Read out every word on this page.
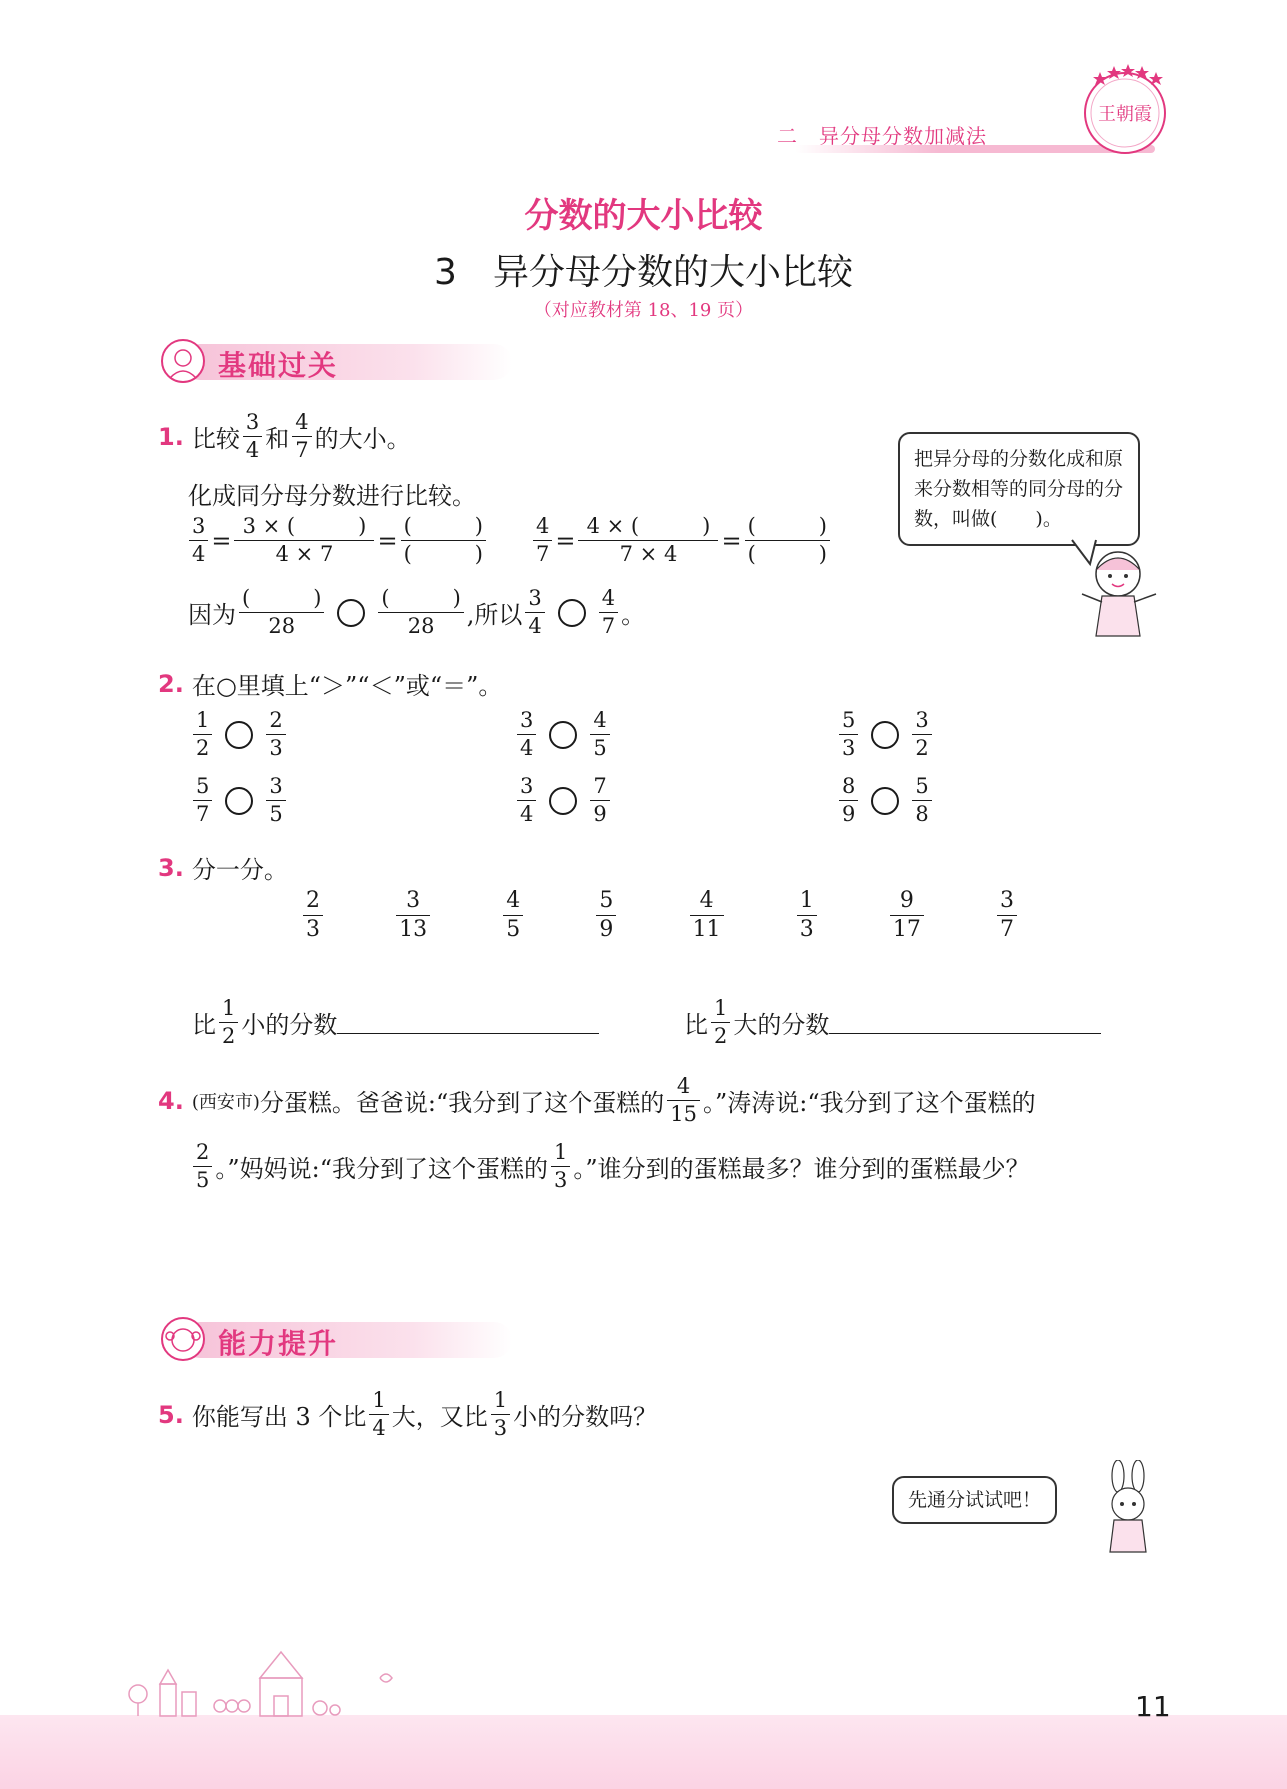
二　异分母分数加减法
王朝霞
分数的大小比较
3　异分母分数的大小比较
（对应教材第 18、19 页）
基础过关
1. 比较 $\frac{3}{4}$ 和 $\frac{4}{7}$ 的大小。
化成同分母分数进行比较。
$\frac{3}{4} = \frac{3 \times ( )}{4 \times 7} = \frac{( )}{( )} \frac{4}{7} = \frac{4 \times ( )}{7 \times 4} = \frac{( )}{( )}$
因为 $\frac{( )}{28}$	$\frac{( )}{28}$ ,所以 $\frac{3}{4}$	$\frac{4}{7}$ 。
把异分母的分数化成和原来分数相等的同分母的分数，叫做(　　)。
2. 在○里填上“＞”“＜”或“＝”。
$\frac{1}{2}$	$\frac{2}{3}$	$\frac{3}{4}$	$\frac{4}{5}$	$\frac{5}{3}$	$\frac{3}{2}$
$\frac{5}{7}$	$\frac{3}{5}$	$\frac{3}{4}$	$\frac{7}{9}$	$\frac{8}{9}$	$\frac{5}{8}$
3. 分一分。
$\frac{2}{3}$	$\frac{3}{13}$	$\frac{4}{5}$	$\frac{5}{9}$	$\frac{4}{11}$	$\frac{1}{3}$	$\frac{9}{17}$	$\frac{3}{7}$
比 $\frac{1}{2}$ 小的分数	比 $\frac{1}{2}$ 大的分数
4. (西安市) 分蛋糕。爸爸说:“我分到了这个蛋糕的 $\frac{4}{15}$ 。”涛涛说:“我分到了这个蛋糕的
$\frac{2}{5}$ 。”妈妈说:“我分到了这个蛋糕的 $\frac{1}{3}$ 。”谁分到的蛋糕最多？谁分到的蛋糕最少？
能力提升
5. 你能写出 3 个比 $\frac{1}{4}$ 大，又比 $\frac{1}{3}$ 小的分数吗？
先通分试试吧！
11
